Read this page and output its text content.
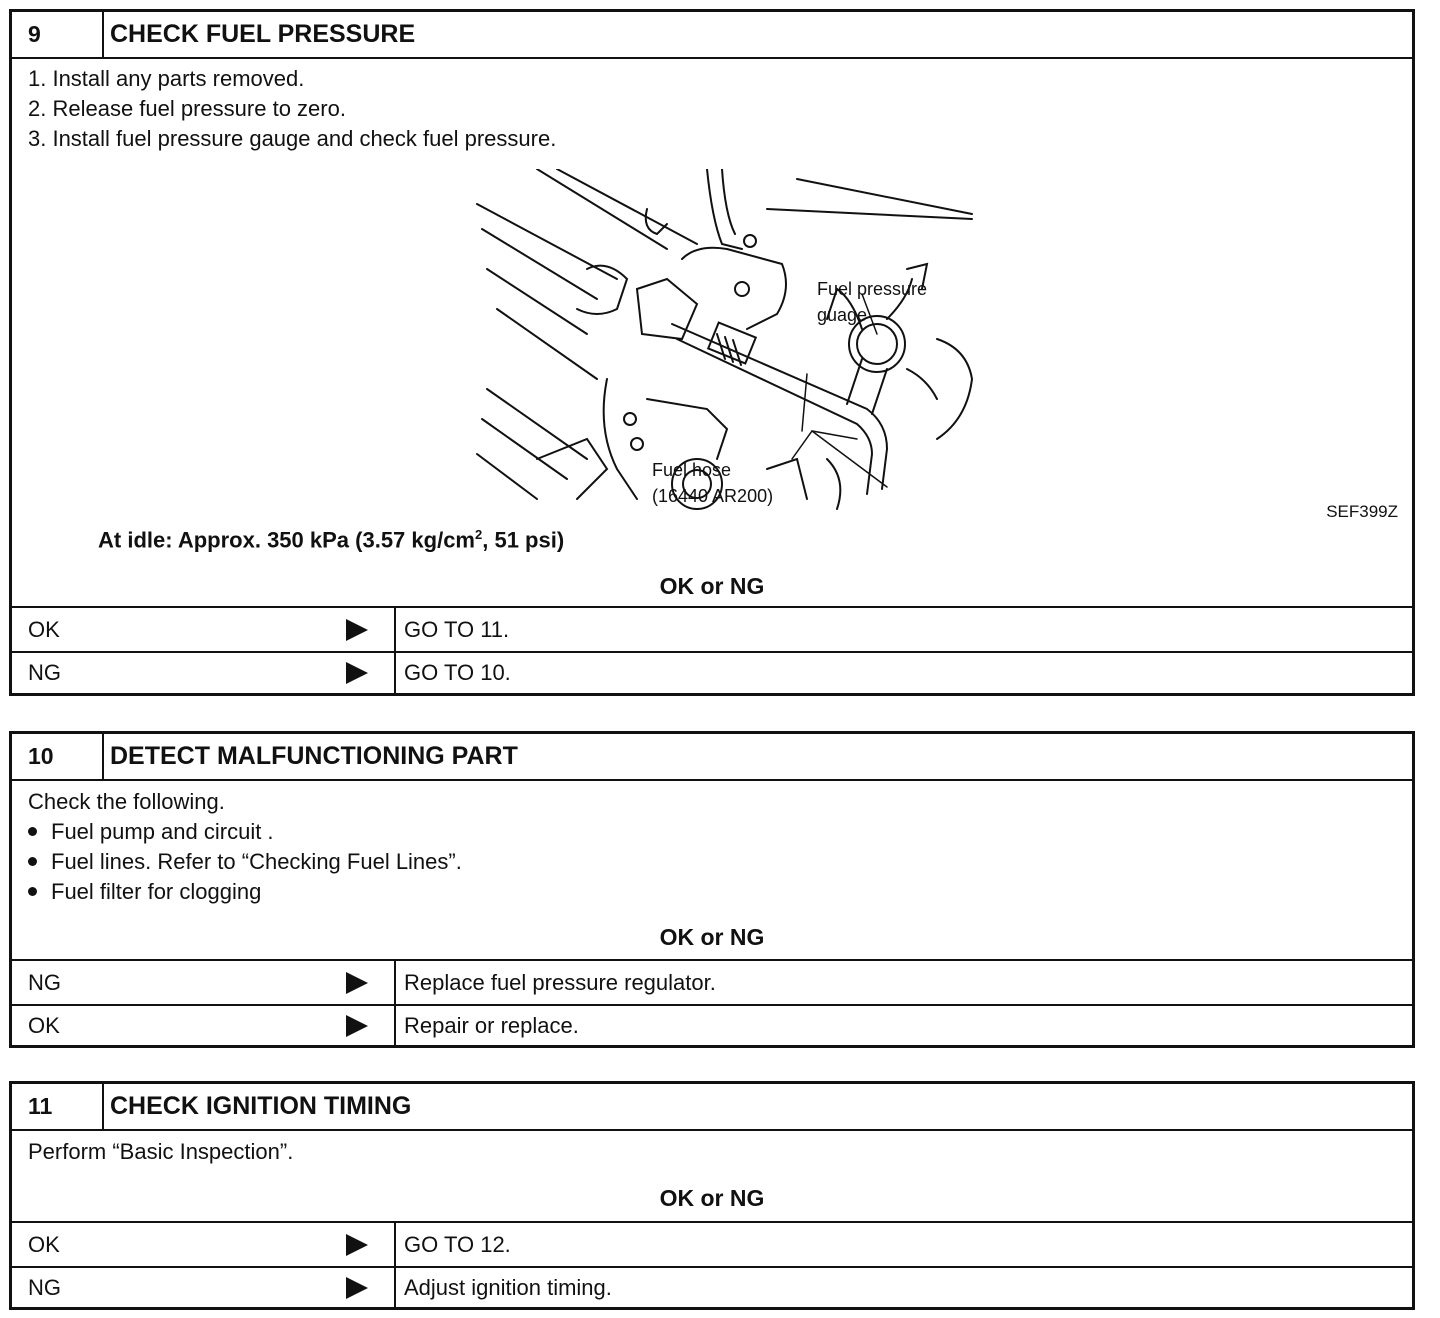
9	CHECK FUEL PRESSURE
1. Install any parts removed.
2. Release fuel pressure to zero.
3. Install fuel pressure gauge and check fuel pressure.
Fuel pressure
guage
Fuel hose
(16440 AR200)
SEF399Z
At idle: Approx. 350 kPa (3.57 $kg/cm^2$, 51 psi)
OK or NG
OK	GO TO 11.
NG	GO TO 10.
10	DETECT MALFUNCTIONING PART
Check the following.
Fuel pump and circuit .
Fuel lines. Refer to “Checking Fuel Lines”.
Fuel filter for clogging
OK or NG
NG	Replace fuel pressure regulator.
OK	Repair or replace.
11	CHECK IGNITION TIMING
Perform “Basic Inspection”.
OK or NG
OK	GO TO 12.
NG	Adjust ignition timing.
